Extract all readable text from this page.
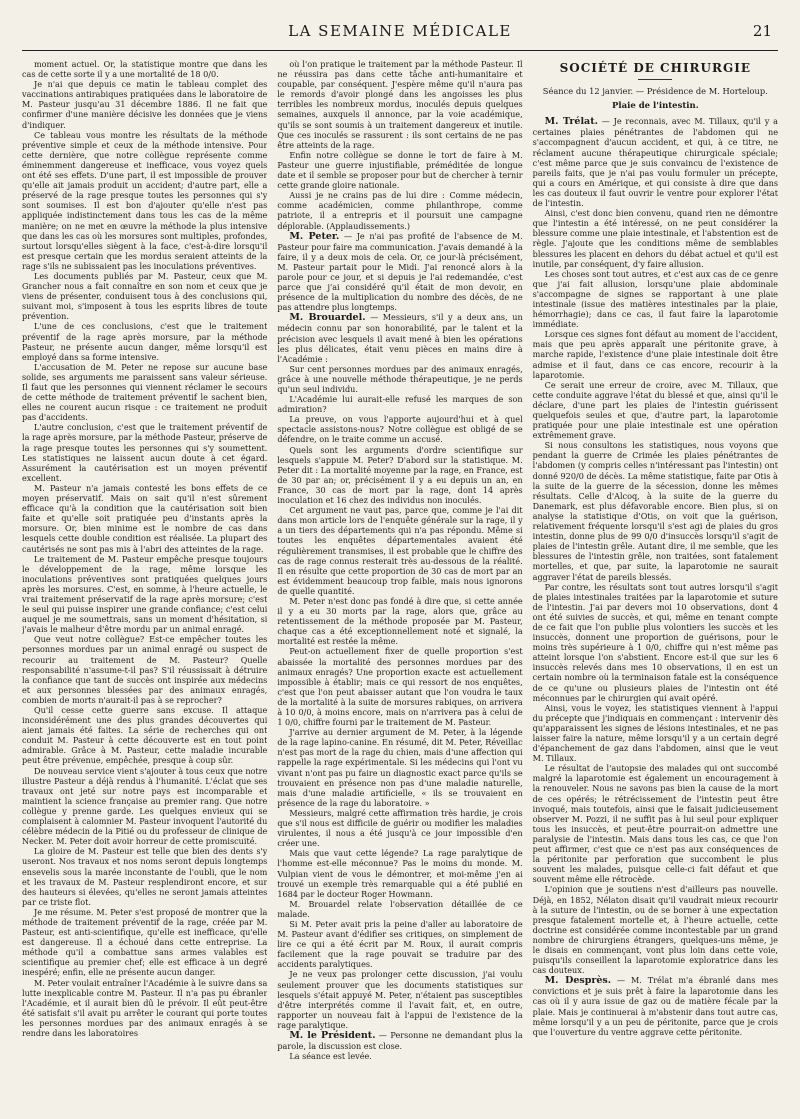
LA SEMAINE MÉDICALE	21

moment actuel. Or, la statistique montre que dans les cas de cette sorte il y a une mortalité de 18 0/0.

Je n'ai que depuis ce matin le tableau complet des vaccinations antirabiques pratiquées dans le laboratoire de M. Pasteur jusqu'au 31 décembre 1886. Il ne fait que confirmer d'une manière décisive les données que je viens d'indiquer.

Ce tableau vous montre les résultats de la méthode préventive simple et ceux de la méthode intensive. Pour cette dernière, que notre collègue représente comme éminemment dangereuse et inefficace, vous voyez quels ont été ses effets. D'une part, il est impossible de prouver qu'elle ait jamais produit un accident; d'autre part, elle a préservé de la rage presque toutes les personnes qui s'y sont soumises. Il est bon d'ajouter qu'elle n'est pas appliquée indistinctement dans tous les cas de la même manière; on ne met en œuvre la méthode la plus intensive que dans les cas où les morsures sont multiples, profondes, surtout lorsqu'elles siègent à la face, c'est-à-dire lorsqu'il est presque certain que les mordus seraient atteints de la rage s'ils ne subissaient pas les inoculations préventives.

Les documents publiés par M. Pasteur, ceux que M. Grancher nous a fait connaître en son nom et ceux que je viens de présenter, conduisent tous à des conclusions qui, suivant moi, s'imposent à tous les esprits libres de toute prévention.

L'une de ces conclusions, c'est que le traitement préventif de la rage après morsure, par la méthode Pasteur, ne présente aucun danger, même lorsqu'il est employé dans sa forme intensive.

L'accusation de M. Peter ne repose sur aucune base solide, ses arguments me paraissent sans valeur sérieuse. Il faut que les personnes qui viennent réclamer le secours de cette méthode de traitement préventif le sachent bien, elles ne courent aucun risque : ce traitement ne produit pas d'accidents.

L'autre conclusion, c'est que le traitement préventif de la rage après morsure, par la méthode Pasteur, préserve de la rage presque toutes les personnes qui s'y soumettent. Les statistiques ne laissent aucun doute à cet égard. Assurément la cautérisation est un moyen préventif excellent.

M. Pasteur n'a jamais contesté les bons effets de ce moyen préservatif. Mais on sait qu'il n'est sûrement efficace qu'à la condition que la cautérisation soit bien faite et qu'elle soit pratiquée peu d'instants après la morsure. Or, bien minime est le nombre de cas dans lesquels cette double condition est réalisée. La plupart des cautérisés ne sont pas mis à l'abri des atteintes de la rage.

Le traitement de M. Pasteur empêche presque toujours le développement de la rage, même lorsque les inoculations préventives sont pratiquées quelques jours après les morsures. C'est, en somme, à l'heure actuelle, le vrai traitement préservatif de la rage après morsure; c'est le seul qui puisse inspirer une grande confiance; c'est celui auquel je me soumettrais, sans un moment d'hésitation, si j'avais le malheur d'être mordu par un animal enragé.

Que veut notre collègue? Est-ce empêcher toutes les personnes mordues par un animal enragé ou suspect de recourir au traitement de M. Pasteur? Quelle responsabilité n'assume-t-il pas? S'il réussissait à détruire la confiance que tant de succès ont inspirée aux médecins et aux personnes blessées par des animaux enragés, combien de morts n'aurait-il pas à se reprocher?

Qu'il cesse cette guerre sans excuse. Il attaque inconsidérément une des plus grandes découvertes qui aient jamais été faites. La série de recherches qui ont conduit M. Pasteur à cette découverte est en tout point admirable. Grâce à M. Pasteur, cette maladie incurable peut être prévenue, empêchée, presque à coup sûr.

De nouveau service vient s'ajouter à tous ceux que notre illustre Pasteur a déjà rendus à l'humanité. L'éclat que ses travaux ont jeté sur notre pays est incomparable et maintient la science française au premier rang. Que notre collègue y prenne garde. Les quelques envieux qui se complaisent à calomnier M. Pasteur invoquent l'autorité du célèbre médecin de la Pitié ou du professeur de clinique de Necker. M. Peter doit avoir horreur de cette promiscuité.

La gloire de M. Pasteur est telle que bien des dents s'y useront. Nos travaux et nos noms seront depuis longtemps ensevelis sous la marée inconstante de l'oubli, que le nom et les travaux de M. Pasteur resplendiront encore, et sur des hauteurs si élevées, qu'elles ne seront jamais atteintes par ce triste flot.

Je me résume. M. Peter s'est proposé de montrer que la méthode de traitement préventif de la rage, créée par M. Pasteur, est anti-scientifique, qu'elle est inefficace, qu'elle est dangereuse. Il a échoué dans cette entreprise. La méthode qu'il a combattue sans armes valables est scientifique au premier chef; elle est efficace à un degré inespéré; enfin, elle ne présente aucun danger.

M. Peter voulait entraîner l'Académie à le suivre dans sa lutte inexplicable contre M. Pasteur. Il n'a pas pu ébranler l'Académie, et il aurait bien dû le prévoir. Il eût peut-être été satisfait s'il avait pu arrêter le courant qui porte toutes les personnes mordues par des animaux enragés à se rendre dans les laboratoires

où l'on pratique le traitement par la méthode Pasteur. Il ne réussira pas dans cette tâche anti-humanitaire et coupable, par conséquent. J'espère même qu'il n'aura pas le remords d'avoir plongé dans les angoisses les plus terribles les nombreux mordus, inoculés depuis quelques semaines, auxquels il annonce, par la voie académique, qu'ils se sont soumis à un traitement dangereux et inutile. Que ces inoculés se rassurent : ils sont certains de ne pas être atteints de la rage.

Enfin notre collègue se donne le tort de faire à M. Pasteur une guerre injustifiable, préméditée de longue date et il semble se proposer pour but de chercher à ternir cette grande gloire nationale.

Aussi je ne crains pas de lui dire : Comme médecin, comme académicien, comme philanthrope, comme patriote, il a entrepris et il poursuit une campagne déplorable. (Applaudissements.)

M. Peter. — Je n'ai pas profité de l'absence de M. Pasteur pour faire ma communication. J'avais demandé à la faire, il y a deux mois de cela. Or, ce jour-là précisément, M. Pasteur partait pour le Midi. J'ai renoncé alors à la parole pour ce jour, et si depuis je l'ai redemandée, c'est parce que j'ai considéré qu'il était de mon devoir, en présence de la multiplication du nombre des décès, de ne pas attendre plus longtemps.

M. Brouardel. — Messieurs, s'il y a deux ans, un médecin connu par son honorabilité, par le talent et la précision avec lesquels il avait mené à bien les opérations les plus délicates, était venu pièces en mains dire à l'Académie :

Sur cent personnes mordues par des animaux enragés, grâce à une nouvelle méthode thérapeutique, je ne perds qu'un seul individu.

L'Académie lui aurait-elle refusé les marques de son admiration?

La preuve, on vous l'apporte aujourd'hui et à quel spectacle assistons-nous? Notre collègue est obligé de se défendre, on le traite comme un accusé.

Quels sont les arguments d'ordre scientifique sur lesquels s'appuie M. Peter? D'abord sur la statistique. M. Peter dit : La mortalité moyenne par la rage, en France, est de 30 par an; or, précisément il y a eu depuis un an, en France, 30 cas de mort par la rage, dont 14 après inoculation et 16 chez des individus non inoculés.

Cet argument ne vaut pas, parce que, comme je l'ai dit dans mon article lors de l'enquête générale sur la rage, il y a un tiers des départements qui n'a pas répondu. Même si toutes les enquêtes départementales avaient été régulièrement transmises, il est probable que le chiffre des cas de rage connus resterait très au-dessous de la réalité. Il en résulte que cette proportion de 30 cas de mort par an est évidemment beaucoup trop faible, mais nous ignorons de quelle quantité.

M. Peter n'est donc pas fondé à dire que, si cette année il y a eu 30 morts par la rage, alors que, grâce au retentissement de la méthode proposée par M. Pasteur, chaque cas a été exceptionnellement noté et signalé, la mortalité est restée la même.

Peut-on actuellement fixer de quelle proportion s'est abaissée la mortalité des personnes mordues par des animaux enragés? Une proportion exacte est actuellement impossible à établir; mais ce qui ressort de nos enquêtes, c'est que l'on peut abaisser autant que l'on voudra le taux de la mortalité à la suite de morsures rabiques, on arrivera à 10 0/0, à moins encore, mais on n'arrivera pas à celui de 1 0/0, chiffre fourni par le traitement de M. Pasteur.

J'arrive au dernier argument de M. Peter, à la légende de la rage lapino-canine. En résumé, dit M. Peter, Réveillac n'est pas mort de la rage du chien, mais d'une affection qui rappelle la rage expérimentale. Si les médecins qui l'ont vu vivant n'ont pas pu faire un diagnostic exact parce qu'ils se trouvaient en présence non pas d'une maladie naturelle, mais d'une maladie artificielle, « ils se trouvaient en présence de la rage du laboratoire. »

Messieurs, malgré cette affirmation très hardie, je crois que s'il nous est difficile de guérir ou modifier les maladies virulentes, il nous a été jusqu'à ce jour impossible d'en créer une.

Mais que vaut cette légende? La rage paralytique de l'homme est-elle méconnue? Pas le moins du monde. M. Vulpian vient de vous le démontrer, et moi-même j'en ai trouvé un exemple très remarquable qui a été publié en 1684 par le docteur Roger Howmann.

M. Brouardel relate l'observation détaillée de ce malade.

Si M. Peter avait pris la peine d'aller au laboratoire de M. Pasteur avant d'édifier ses critiques, on simplement de lire ce qui a été écrit par M. Roux, il aurait compris facilement que la rage pouvait se traduire par des accidents paralytiques.

Je ne veux pas prolonger cette discussion, j'ai voulu seulement prouver que les documents statistiques sur lesquels s'était appuyé M. Peter, n'étaient pas susceptibles d'être interprétés comme il l'avait fait, et, en outre, rapporter un nouveau fait à l'appui de l'existence de la rage paralytique.

M. le Président. — Personne ne demandant plus la parole, la discussion est close.

La séance est levée.

SOCIÉTÉ DE CHIRURGIE
Séance du 12 janvier. — Présidence de M. Horteloup.
Plaie de l'intestin.

M. Trélat. — Je reconnais, avec M. Tillaux, qu'il y a certaines plaies pénétrantes de l'abdomen qui ne s'accompagnent d'aucun accident, et qui, à ce titre, ne réclament aucune thérapeutique chirurgicale spéciale; c'est même parce que je suis convaincu de l'existence de pareils faits, que je n'ai pas voulu formuler un précepte, qui a cours en Amérique, et qui consiste à dire que dans les cas douteux il faut ouvrir le ventre pour explorer l'état de l'intestin.

Ainsi, c'est donc bien convenu, quand rien ne démontre que l'intestin a été intéressé, on ne peut considérer la blessure comme une plaie intestinale, et l'abstention est de règle. J'ajoute que les conditions même de semblables blessures les placent en dehors du débat actuel et qu'il est inutile, par conséquent, d'y faire allusion.

Les choses sont tout autres, et c'est aux cas de ce genre que j'ai fait allusion, lorsqu'une plaie abdominale s'accompagne de signes se rapportant à une plaie intestinale (issue des matières intestinales par la plaie, hémorrhagie); dans ce cas, il faut faire la laparotomie immédiate.

Lorsque ces signes font défaut au moment de l'accident, mais que peu après apparaît une péritonite grave, à marche rapide, l'existence d'une plaie intestinale doit être admise et il faut, dans ce cas encore, recourir à la laparotomie.

Ce serait une erreur de croire, avec M. Tillaux, que cette conduite aggrave l'état du blessé et que, ainsi qu'il le déclare, d'une part les plaies de l'intestin guérissent quelquefois seules et que, d'autre part, la laparotomie pratiquée pour une plaie intestinale est une opération extrêmement grave.

Si nous consultons les statistiques, nous voyons que pendant la guerre de Crimée les plaies pénétrantes de l'abdomen (y compris celles n'intéressant pas l'intestin) ont donné 920/0 de décès. La même statistique, faite par Otis à la suite de la guerre de la sécession, donne les mêmes résultats. Celle d'Alcoq, à la suite de la guerre du Danemark, est plus défavorable encore. Bien plus, si on analyse la statistique d'Otis, on voit que la guérison, relativement fréquente lorsqu'il s'est agi de plaies du gros intestin, donne plus de 99 0/0 d'insuccès lorsqu'il s'agit de plaies de l'intestin grêle. Autant dire, il me semble, que les blessures de l'intestin grêle, non traitées, sont fatalement mortelles, et que, par suite, la laparotomie ne saurait aggraver l'état de pareils blessés.

Par contre, les résultats sont tout autres lorsqu'il s'agit de plaies intestinales traitées par la laparotomie et suture de l'intestin. J'ai par devers moi 10 observations, dont 4 ont été suivies de succès, et qui, même en tenant compte de ce fait que l'on publie plus volontiers les succès et les insuccès, donnent une proportion de guérisons, pour le moins très supérieure à 1 0/0, chiffre qui n'est même pas atteint lorsque l'on s'abstient. Encore est-il que sur les 6 insuccès relevés dans mes 10 observations, il en est un certain nombre où la terminaison fatale est la conséquence de ce qu'une ou plusieurs plaies de l'intestin ont été méconnues par le chirurgien qui avait opéré.

Ainsi, vous le voyez, les statistiques viennent à l'appui du précepte que j'indiquais en commençant : intervenir dès qu'apparaissent les signes de lésions intestinales, et ne pas laisser faire la nature, même lorsqu'il y a un certain degré d'épanchement de gaz dans l'abdomen, ainsi que le veut M. Tillaux.

Le résultat de l'autopsie des malades qui ont succombé malgré la laparotomie est également un encouragement à la renouveler. Nous ne savons pas bien la cause de la mort de ces opérés; le rétrécissement de l'intestin peut être invoqué, mais toutefois, ainsi que le faisait judicieusement observer M. Pozzi, il ne suffit pas à lui seul pour expliquer tous les insuccès, et peut-être pourrait-on admettre une paralysie de l'intestin. Mais dans tous les cas, ce que l'on peut affirmer, c'est que ce n'est pas aux conséquences de la péritonite par perforation que succombent le plus souvent les malades, puisque celle-ci fait défaut et que souvent même elle rétrocède.

L'opinion que je soutiens n'est d'ailleurs pas nouvelle. Déjà, en 1852, Nélaton disait qu'il vaudrait mieux recourir à la suture de l'intestin, ou de se borner à une expectation presque fatalement mortelle et, à l'heure actuelle, cette doctrine est considérée comme incontestable par un grand nombre de chirurgiens étrangers, quelques-uns même, je le disais en commençant, vont plus loin dans cette voie, puisqu'ils conseillent la laparotomie exploratrice dans les cas douteux.

M. Desprès. — M. Trélat m'a ébranlé dans mes convictions et je suis prêt à faire la laparotomie dans les cas où il y aura issue de gaz ou de matière fécale par la plaie. Mais je continuerai à m'abstenir dans tout autre cas, même lorsqu'il y a un peu de péritonite, parce que je crois que l'ouverture du ventre aggrave cette péritonite.
